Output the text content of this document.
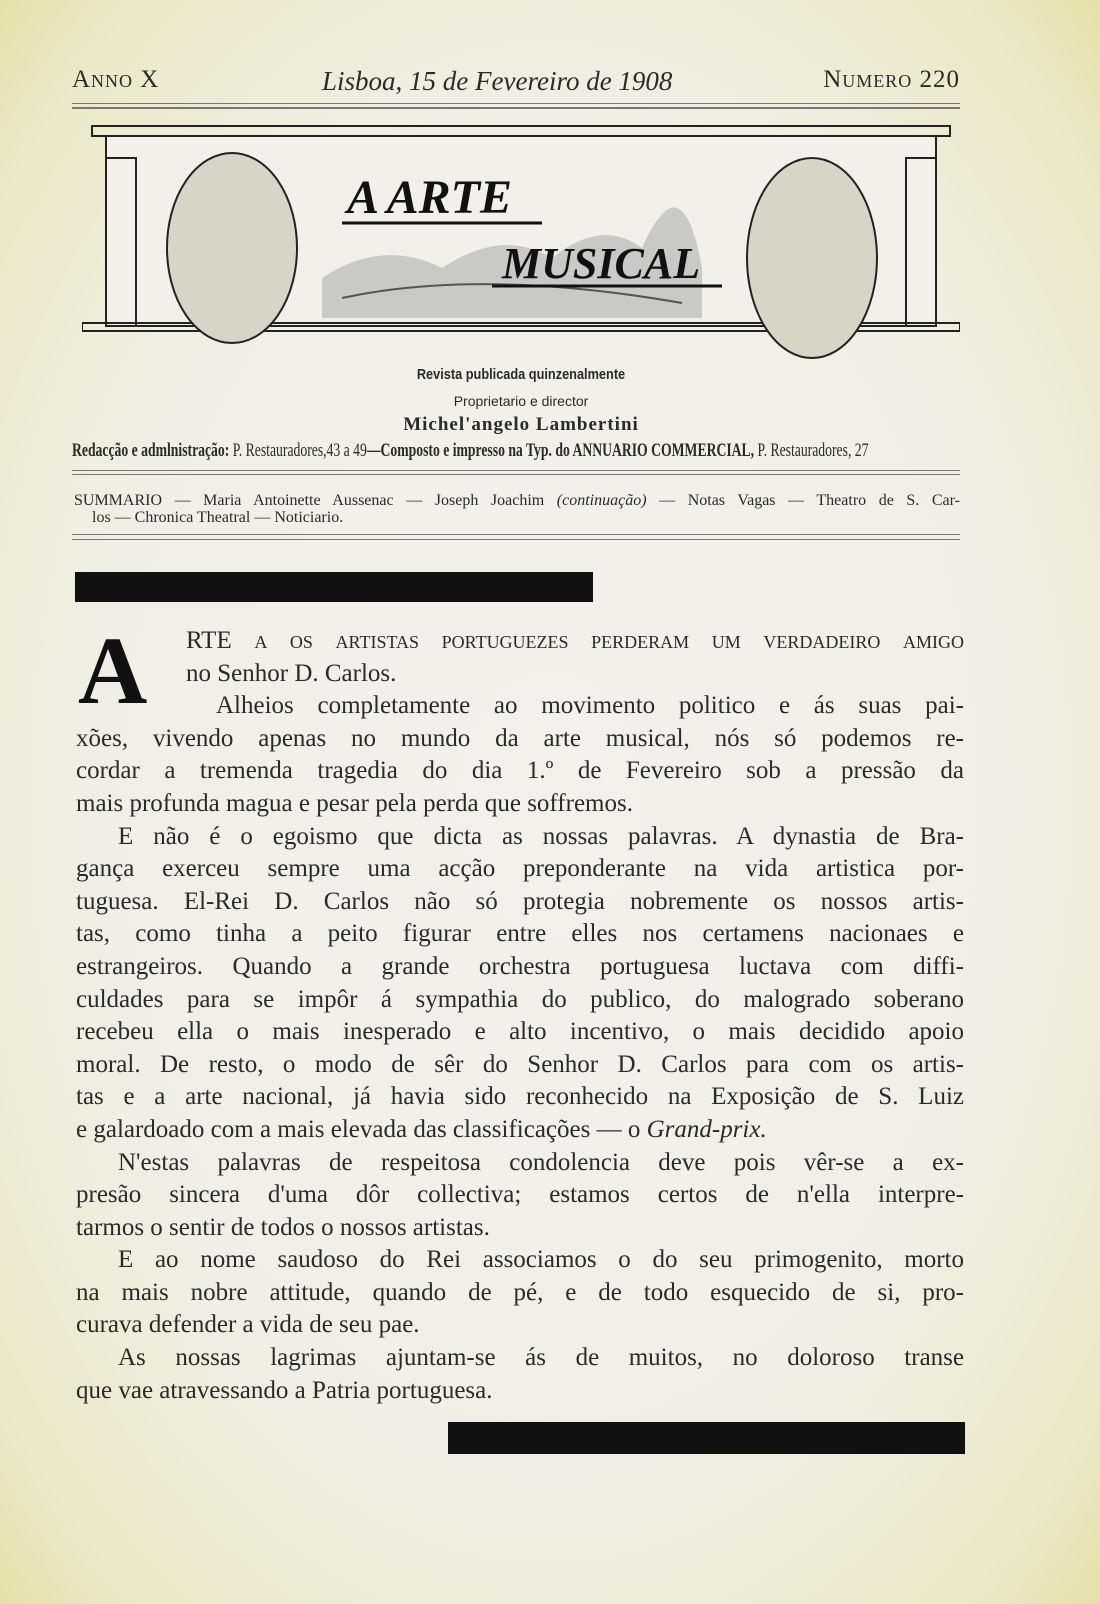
Anno X	Lisboa, 15 de Fevereiro de 1908	Numero 220
A ARTE
MUSICAL
Revista publicada quinzenalmente
Proprietario e director
Michel'angelo Lambertini
Redacção e admlnistração: P. Restauradores,43 a 49—Composto e impresso na Typ. do ANNUARIO COMMERCIAL, P. Restauradores, 27
SUMMARIO — Maria Antoinette Aussenac — Joseph Joachim (continuação) — Notas Vagas — Theatro de S. Car-
los — Chronica Theatral — Noticiario.
A	RTE a os artistas portuguezes perderam um verdadeiro amigo
no Senhor D. Carlos.
Alheios completamente ao movimento politico e ás suas pai-
xões, vivendo apenas no mundo da arte musical, nós só podemos re-
cordar a tremenda tragedia do dia 1.º de Fevereiro sob a pressão da
mais profunda magua e pesar pela perda que soffremos.
E não é o egoismo que dicta as nossas palavras. A dynastia de Bra-
gança exerceu sempre uma acção preponderante na vida artistica por-
tuguesa. El-Rei D. Carlos não só protegia nobremente os nossos artis-
tas, como tinha a peito figurar entre elles nos certamens nacionaes e
estrangeiros. Quando a grande orchestra portuguesa luctava com diffi-
culdades para se impôr á sympathia do publico, do malogrado soberano
recebeu ella o mais inesperado e alto incentivo, o mais decidido apoio
moral. De resto, o modo de sêr do Senhor D. Carlos para com os artis-
tas e a arte nacional, já havia sido reconhecido na Exposição de S. Luiz
e galardoado com a mais elevada das classificações — o Grand-prix.
N'estas palavras de respeitosa condolencia deve pois vêr-se a ex-
presão sincera d'uma dôr collectiva; estamos certos de n'ella interpre-
tarmos o sentir de todos o nossos artistas.
E ao nome saudoso do Rei associamos o do seu primogenito, morto
na mais nobre attitude, quando de pé, e de todo esquecido de si, pro-
curava defender a vida de seu pae.
As nossas lagrimas ajuntam-se ás de muitos, no doloroso transe
que vae atravessando a Patria portuguesa.
